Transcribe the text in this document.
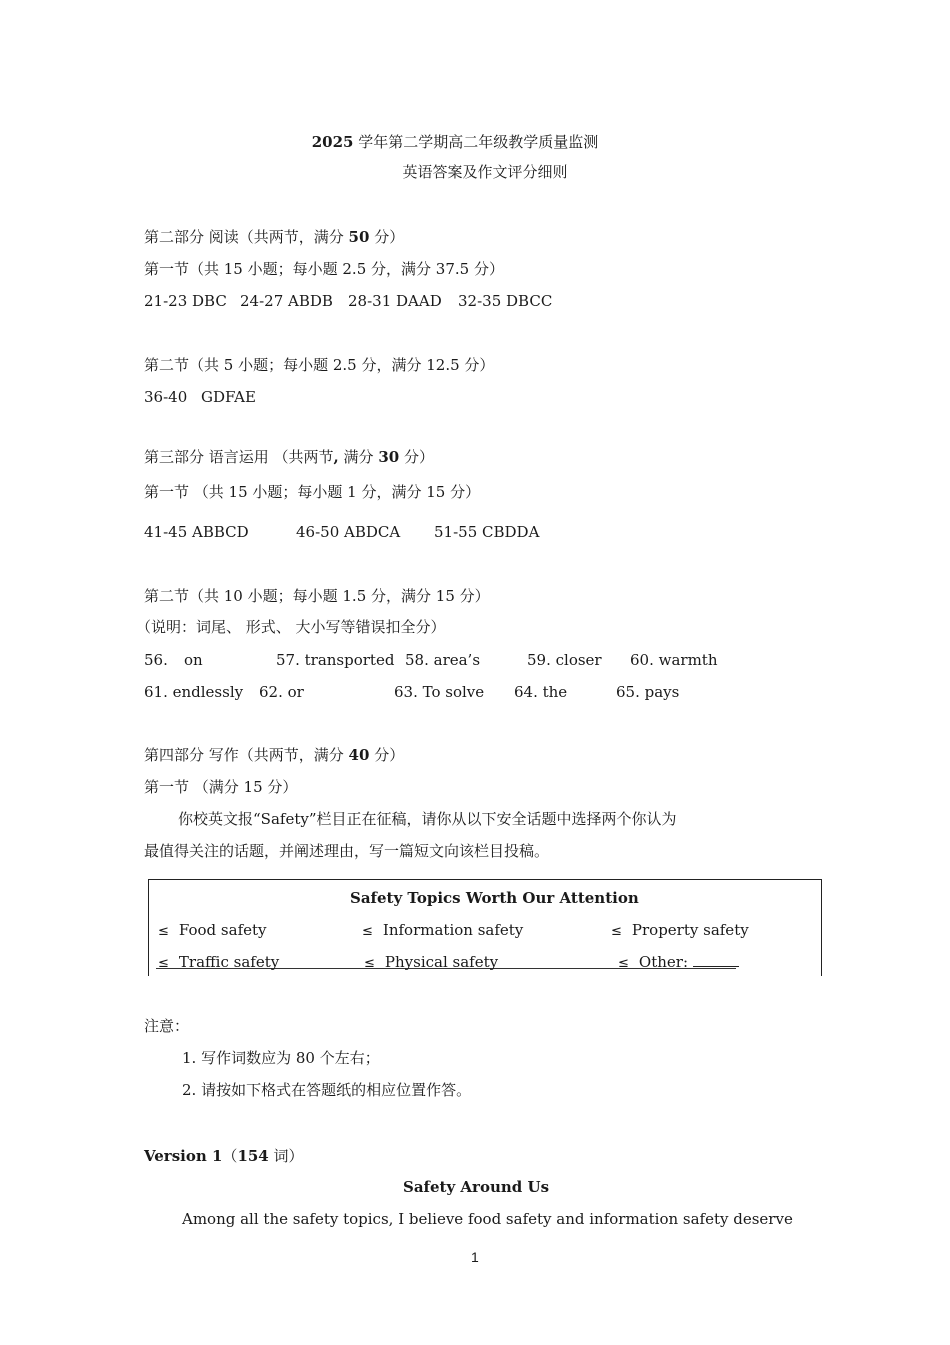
2025 学年第二学期高二年级教学质量监测
英语答案及作文评分细则
第二部分 阅读（共两节，满分 50 分）
第一节（共 15 小题；每小题 2.5 分，满分 37.5 分）
21-23 DBC 24-27 ABDB 28-31 DAAD 32-35 DBCC
第二节（共 5 小题；每小题 2.5 分，满分 12.5 分）
36-40 GDFAE
第三部分 语言运用 （共两节, 满分 30 分）
第一节 （共 15 小题；每小题 1 分，满分 15 分）
41-45 ABBCD	46-50 ABDCA 51-55 CBDDA
第二节（共 10 小题；每小题 1.5 分，满分 15 分）
（说明：词尾、 形式、 大小写等错误扣全分）
56. on	57. transported 58. area’s	59. closer 60. warmth
61. endlessly 62. or	63. To solve 64. the	65. pays
第四部分 写作（共两节，满分 40 分）
第一节 （满分 15 分）
你校英文报“Safety”栏目正在征稿，请你从以下安全话题中选择两个你认为
最值得关注的话题，并阐述理由，写一篇短文向该栏目投稿。
Safety Topics Worth Our Attention
≤ Food safety	≤ Information safety	≤ Property safety
≤ Traffic safety	≤ Physical safety	≤ Other:
注意：
1. 写作词数应为 80 个左右；
2. 请按如下格式在答题纸的相应位置作答。
Version 1（154 词）
Safety Around Us
Among all the safety topics, I believe food safety and information safety deserve
1
